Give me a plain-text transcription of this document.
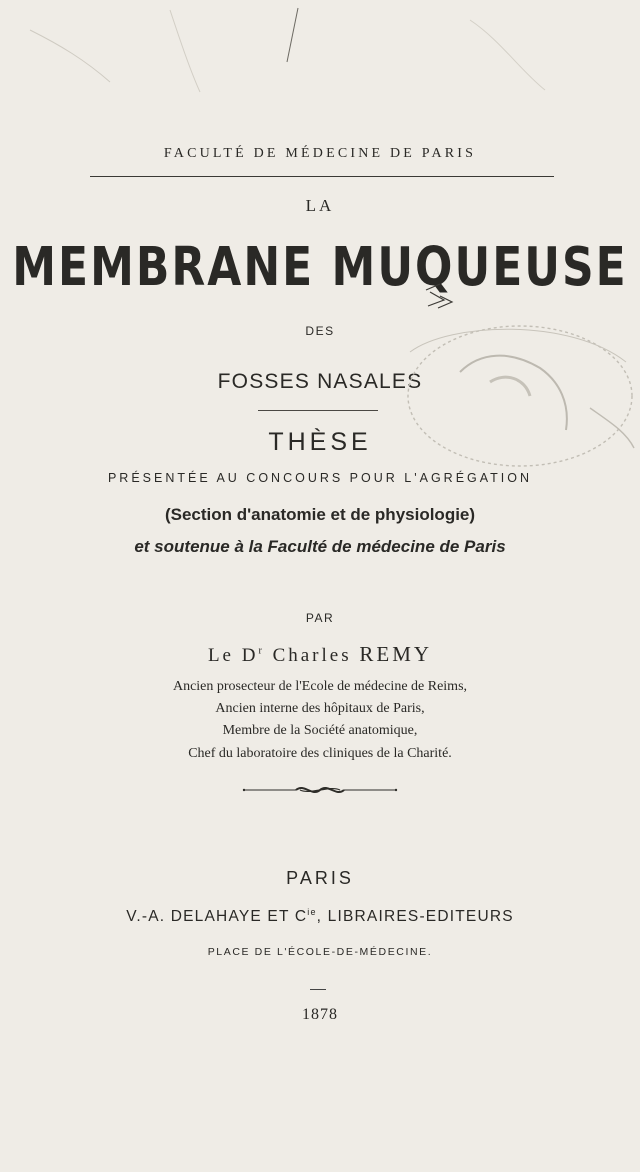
FACULTÉ DE MÉDECINE DE PARIS
LA
MEMBRANE MUQUEUSE
DES
FOSSES NASALES
THÈSE
PRÉSENTÉE AU CONCOURS POUR L'AGRÉGATION
(Section d'anatomie et de physiologie)
et soutenue à la Faculté de médecine de Paris
PAR
Le $D^r$ Charles REMY
Ancien prosecteur de l'Ecole de médecine de Reims,
Ancien interne des hôpitaux de Paris,
Membre de la Société anatomique,
Chef du laboratoire des cliniques de la Charité.
PARIS
V.-A. DELAHAYE ET $C^{ie}$, LIBRAIRES-EDITEURS
PLACE DE L'ÉCOLE-DE-MÉDECINE.
1878
